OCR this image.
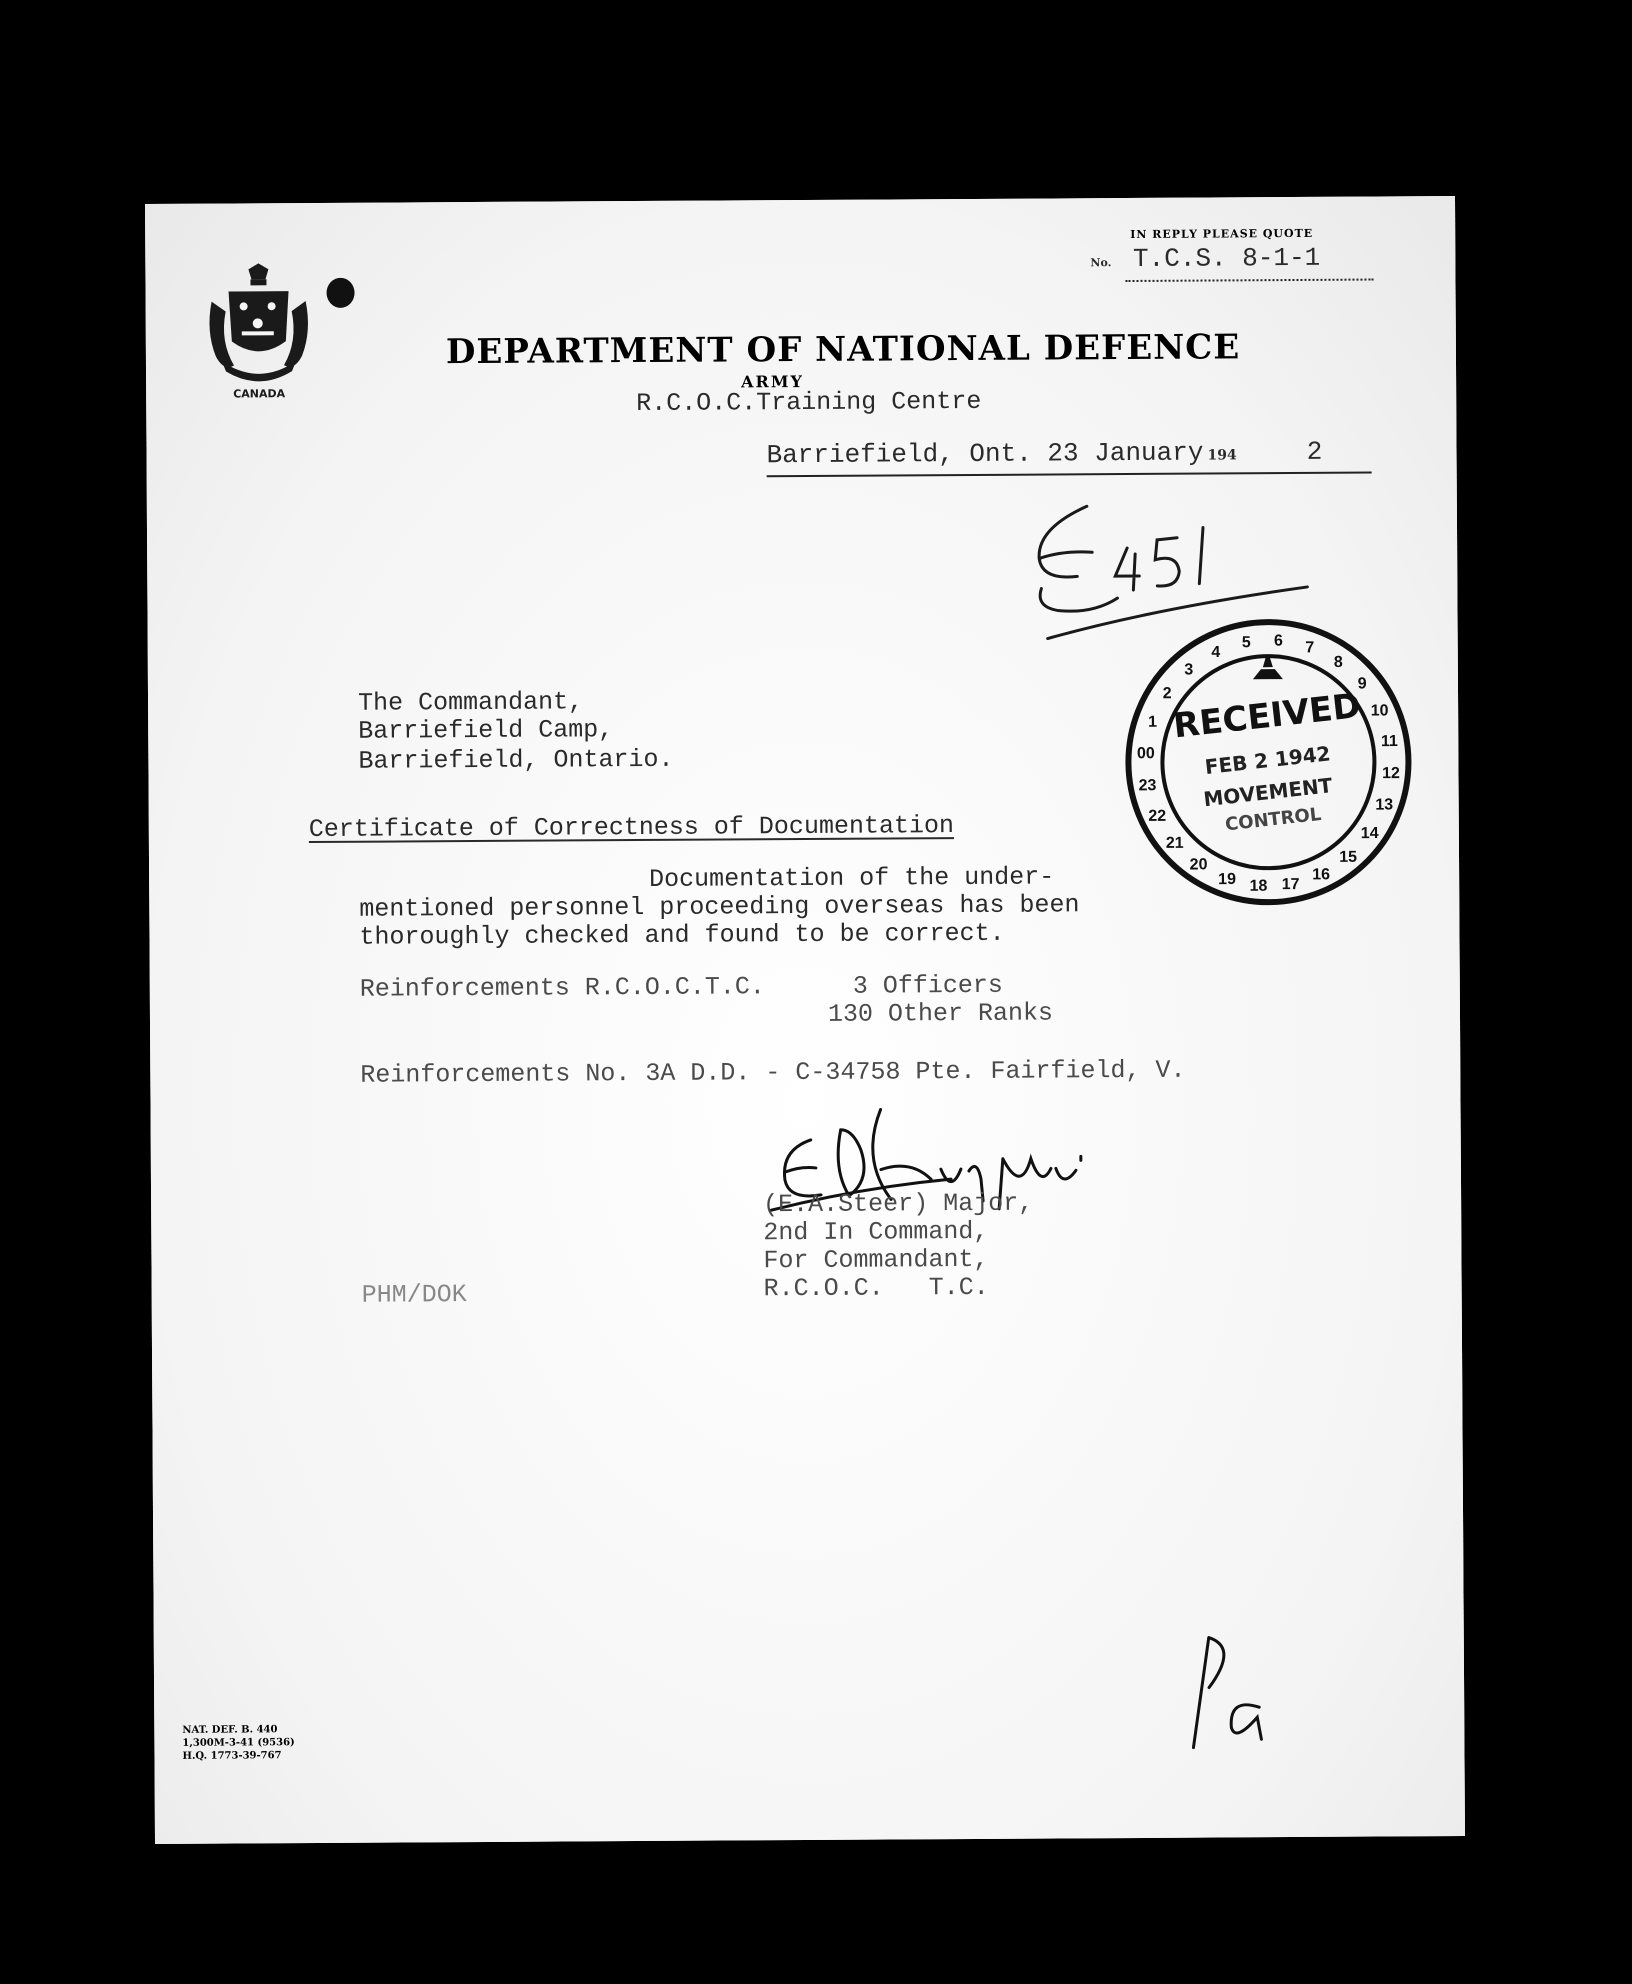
IN REPLY PLEASE QUOTE
No. T.C.S. 8-1-1
CANADA
DEPARTMENT OF NATIONAL DEFENCE
ARMY
R.C.O.C.Training Centre
Barriefield, Ont. 23 January 194	2
1
2
3
4
5 6 7
8
9
10
11
12
13
14
15
16
17
18
19
20
21
22
23
00
RECEIVED
FEB 2 1942
MOVEMENT
CONTROL
The Commandant,
Barriefield Camp,
Barriefield, Ontario.
Certificate of Correctness of Documentation
Documentation of the under-
mentioned personnel proceeding overseas has been
thoroughly checked and found to be correct.
Reinforcements R.C.O.C.T.C.	3 Officers
130 Other Ranks
Reinforcements No. 3A D.D. - C-34758 Pte. Fairfield, V.
(E.A.Steer) Major,
2nd In Command,
For Commandant,
R.C.O.C.   T.C.
PHM/DOK
NAT. DEF. B. 440
1,300M-3-41 (9536)
H.Q. 1773-39-767
